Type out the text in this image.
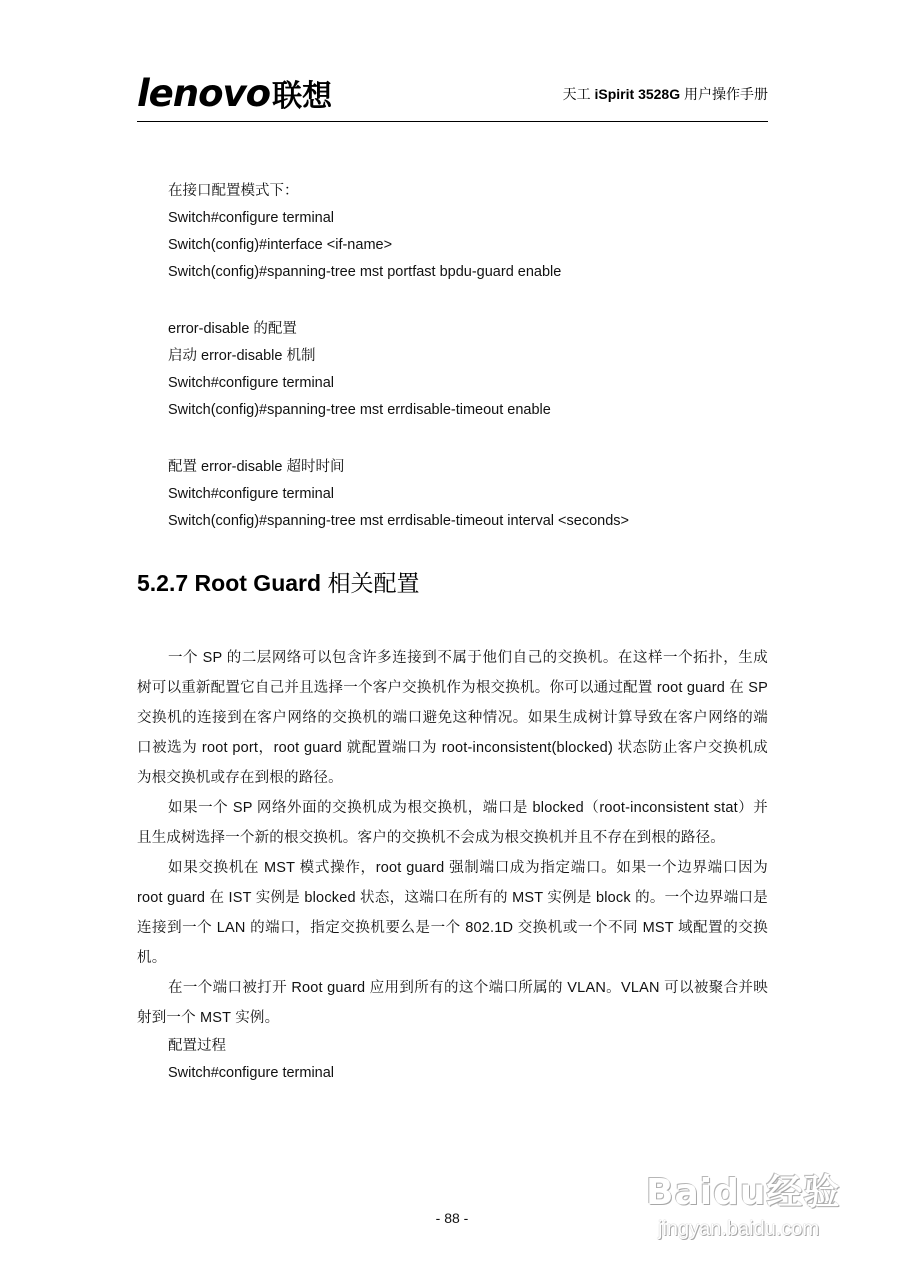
lenovo联想	天工 iSpirit 3528G 用户操作手册
在接口配置模式下：
Switch#configure terminal
Switch(config)#interface <if-name>
Switch(config)#spanning-tree mst portfast bpdu-guard enable
error-disable 的配置
启动 error-disable 机制
Switch#configure terminal
Switch(config)#spanning-tree mst errdisable-timeout enable
配置 error-disable 超时时间
Switch#configure terminal
Switch(config)#spanning-tree mst errdisable-timeout interval <seconds>
5.2.7 Root Guard 相关配置

一个 SP 的二层网络可以包含许多连接到不属于他们自己的交换机。在这样一个拓扑，生成树可以重新配置它自己并且选择一个客户交换机作为根交换机。你可以通过配置 root guard 在 SP 交换机的连接到在客户网络的交换机的端口避免这种情况。如果生成树计算导致在客户网络的端口被选为 root port，root guard 就配置端口为 root-inconsistent(blocked) 状态防止客户交换机成为根交换机或存在到根的路径。

如果一个 SP 网络外面的交换机成为根交换机，端口是 blocked（root-inconsistent stat）并且生成树选择一个新的根交换机。客户的交换机不会成为根交换机并且不存在到根的路径。

如果交换机在 MST 模式操作，root guard 强制端口成为指定端口。如果一个边界端口因为 root guard 在 IST 实例是 blocked 状态，这端口在所有的 MST 实例是 block 的。一个边界端口是连接到一个 LAN 的端口，指定交换机要么是一个 802.1D 交换机或一个不同 MST 域配置的交换机。

在一个端口被打开 Root guard 应用到所有的这个端口所属的 VLAN。VLAN 可以被聚合并映射到一个 MST 实例。

配置过程
Switch#configure terminal
- 88 -
Baidu经验
jingyan.baidu.com
